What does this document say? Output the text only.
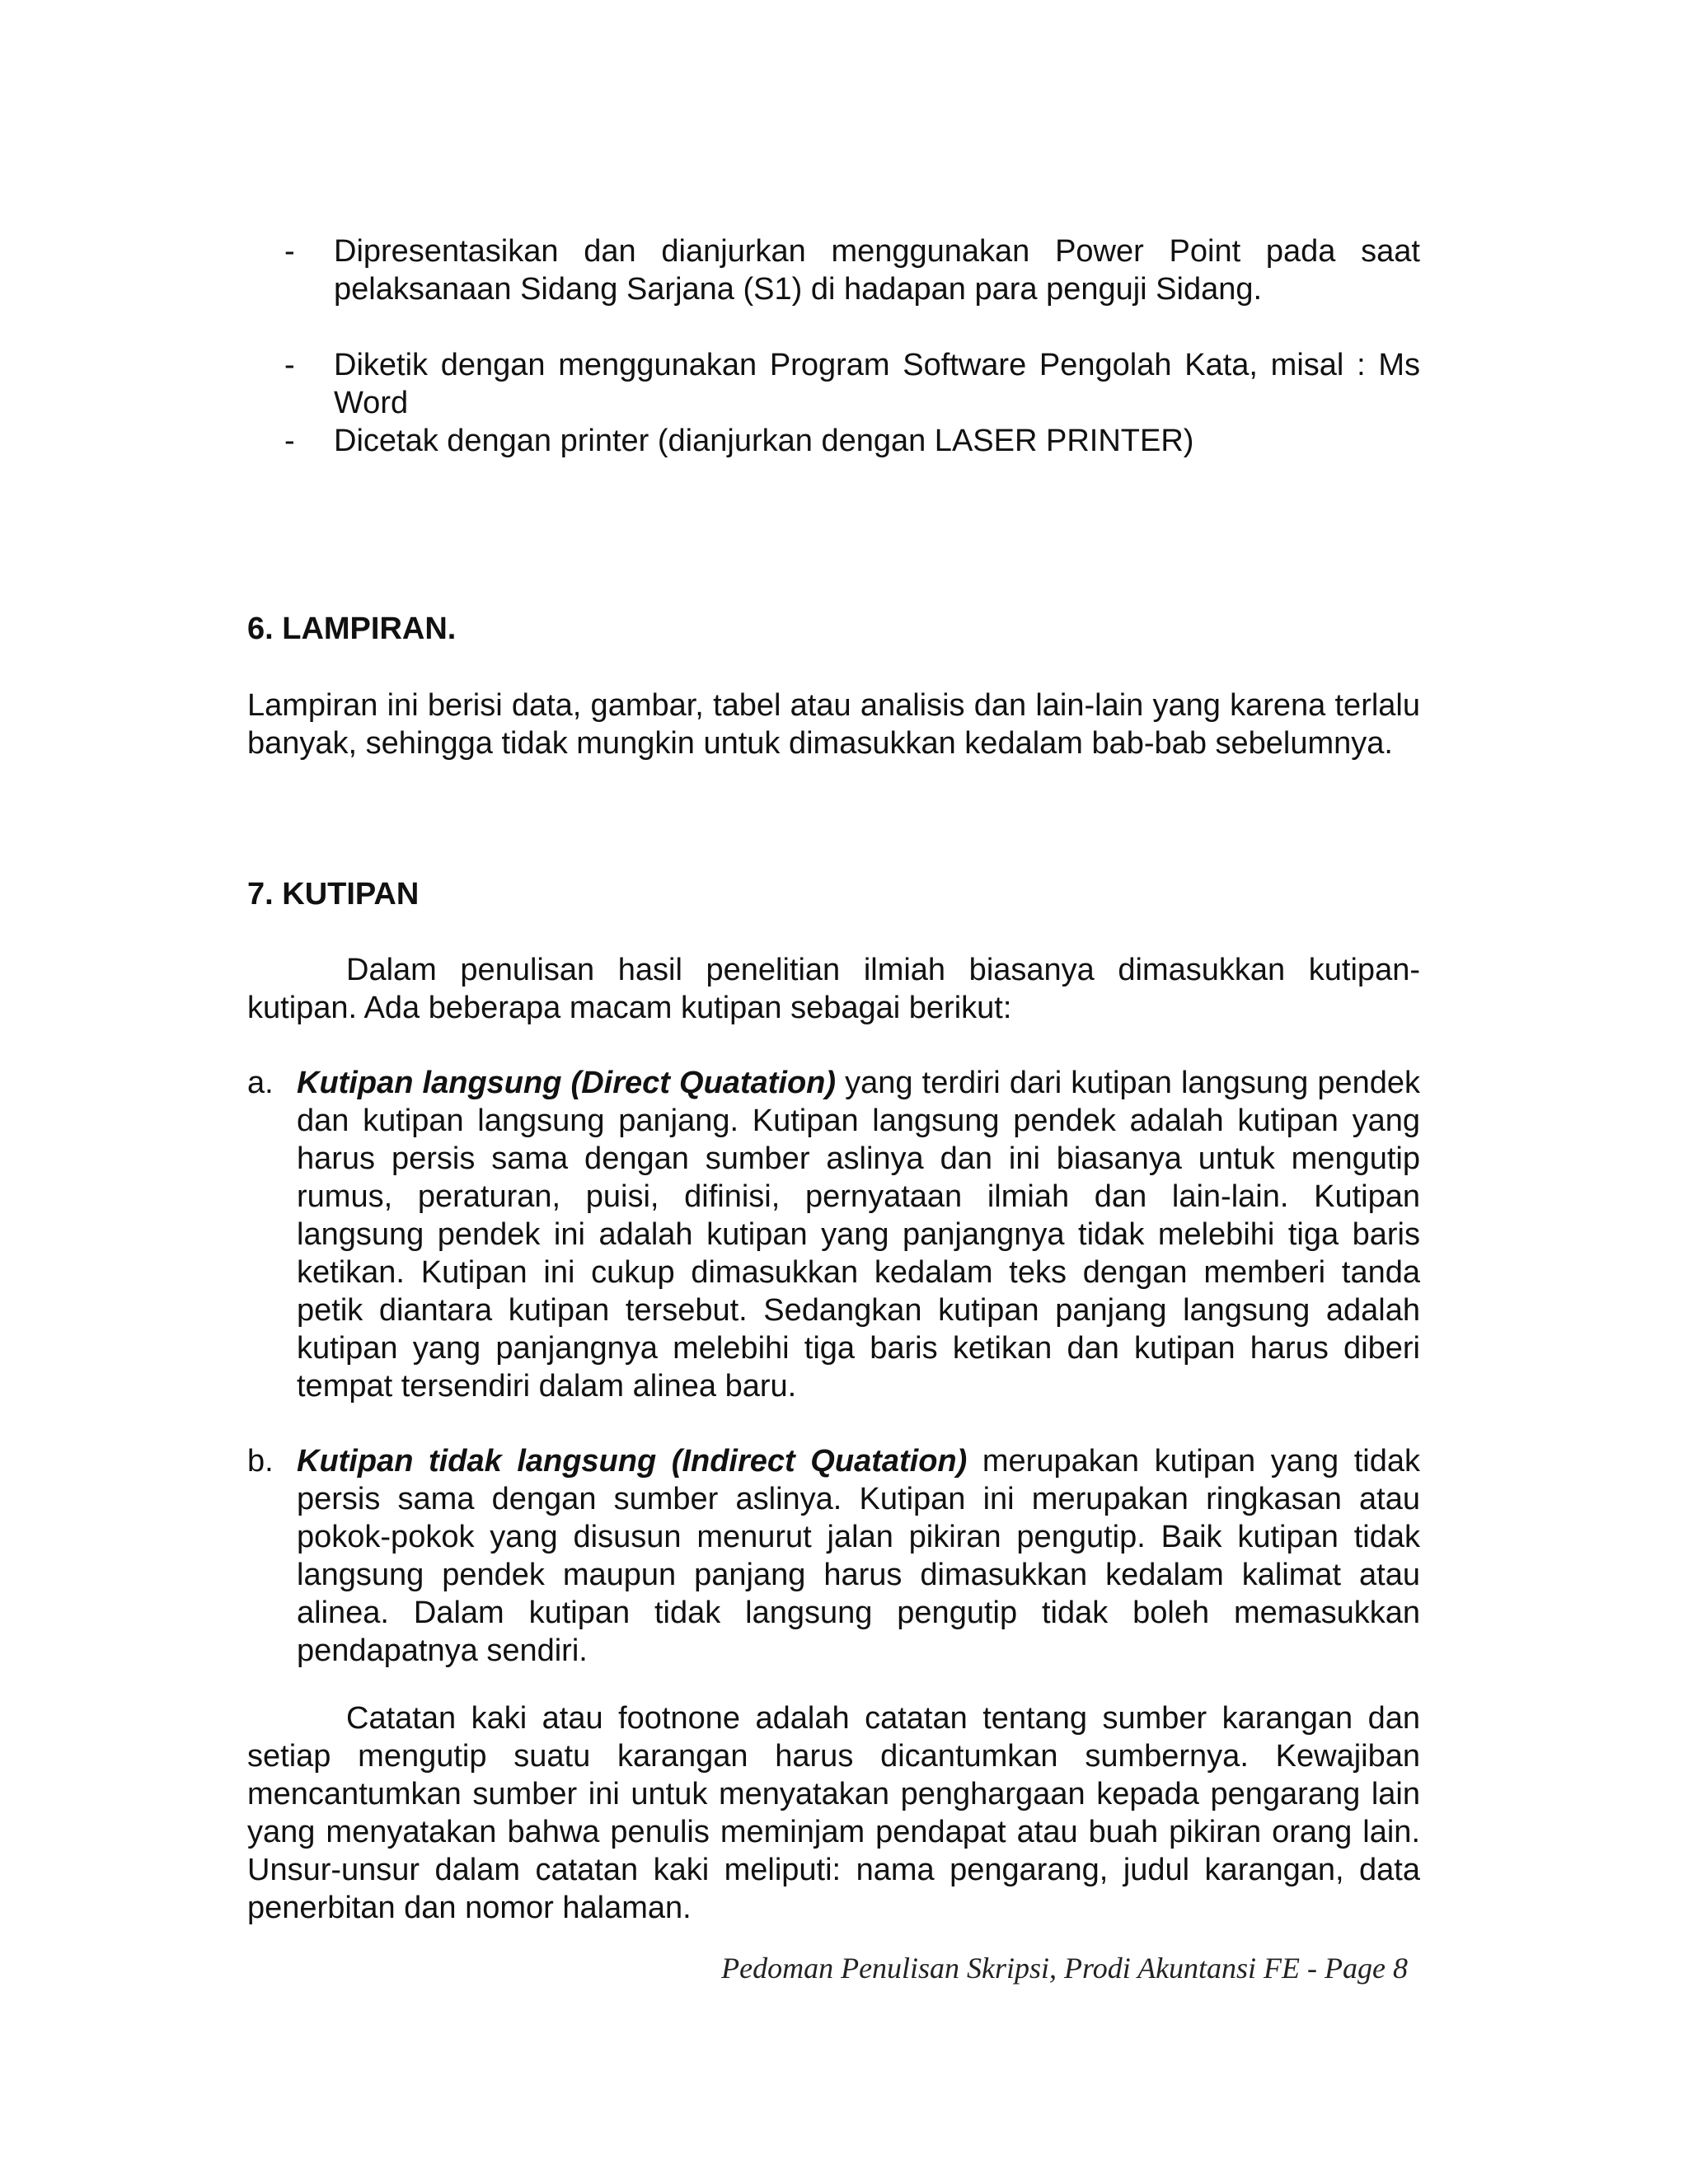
-	Dipresentasikan dan dianjurkan menggunakan Power Point pada saat pelaksanaan Sidang Sarjana (S1) di hadapan para penguji Sidang.
-	Diketik dengan menggunakan Program Software Pengolah Kata, misal : Ms Word
-	Dicetak dengan printer (dianjurkan dengan LASER PRINTER)
6. LAMPIRAN.
Lampiran ini berisi data, gambar, tabel atau analisis dan lain-lain yang karena terlalu banyak, sehingga tidak mungkin untuk dimasukkan kedalam bab-bab sebelumnya.
7. KUTIPAN
Dalam penulisan hasil penelitian ilmiah biasanya dimasukkan kutipan-kutipan. Ada beberapa macam kutipan sebagai berikut:
a. Kutipan langsung (Direct Quatation) yang terdiri dari kutipan langsung pendek dan kutipan langsung panjang. Kutipan langsung pendek adalah kutipan yang harus persis sama dengan sumber aslinya dan ini biasanya untuk mengutip rumus, peraturan, puisi, difinisi, pernyataan ilmiah dan lain-lain. Kutipan langsung pendek ini adalah kutipan yang panjangnya tidak melebihi tiga baris ketikan. Kutipan ini cukup dimasukkan kedalam teks dengan memberi tanda petik diantara kutipan tersebut. Sedangkan kutipan panjang langsung adalah kutipan yang panjangnya melebihi tiga baris ketikan dan kutipan harus diberi tempat tersendiri dalam alinea baru.
b. Kutipan tidak langsung (Indirect Quatation) merupakan kutipan yang tidak persis sama dengan sumber aslinya. Kutipan ini merupakan ringkasan atau pokok-pokok yang disusun menurut jalan pikiran pengutip. Baik kutipan tidak langsung pendek maupun panjang harus dimasukkan kedalam kalimat atau alinea. Dalam kutipan tidak langsung pengutip tidak boleh memasukkan pendapatnya sendiri.
Catatan kaki atau footnone adalah catatan tentang sumber karangan dan setiap mengutip suatu karangan harus dicantumkan sumbernya. Kewajiban mencantumkan sumber ini untuk menyatakan penghargaan kepada pengarang lain yang menyatakan bahwa penulis meminjam pendapat atau buah pikiran orang lain. Unsur-unsur dalam catatan kaki meliputi: nama pengarang, judul karangan, data penerbitan dan nomor halaman.
Pedoman Penulisan Skripsi, Prodi Akuntansi FE - Page 8
